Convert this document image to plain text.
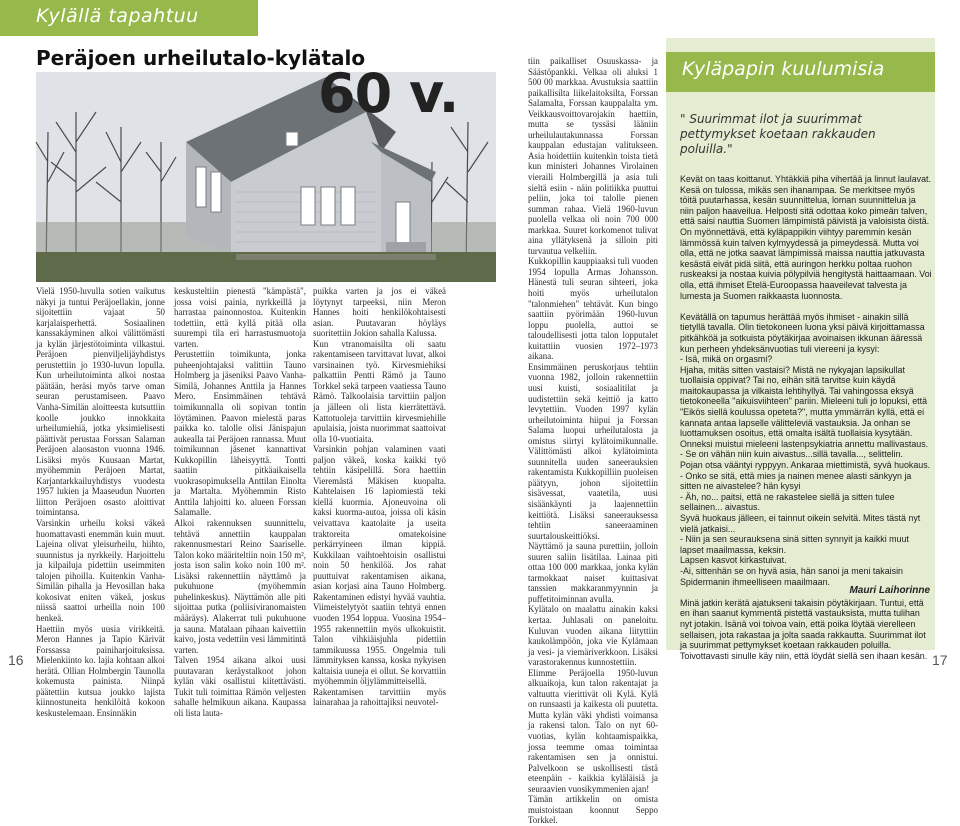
Kylällä tapahtuu
Peräjoen urheilutalo-kylätalo
60 v.
Vielä 1950-luvulla sotien vaikutus näkyi ja tuntui Peräjoellakin, jonne sijoitettiin vajaat 50 karjalaisperhettä. Sosiaalinen kanssakäyminen alkoi välittömästi ja kylän järjestötoiminta vilkastui. Peräjoen pienviljelijäyhdistys perustettiin jo 1930-luvun lopulla. Kun urheilutoiminta alkoi nostaa päätään, heräsi myös tarve oman seuran perustamiseen. Paavo Vanha-Similän aloitteesta kutsuttiin koolle joukko innokkaita urheilumiehiä, jotka yksimielisesti päättivät perustaa Forssan Salaman Peräjoen alaosaston vuonna 1946. Lisäksi myös Kuusaan Martat, myöhemmin Peräjoen Martat, Karjantarkkailuyhdistys vuodesta 1957 lukien ja Maaseudun Nuorten liitton Peräjoen osasto aloittivat toimintansa.
Varsinkin urheilu koksi väkeä huomattavasti enemmän kuin muut. Lajeina olivat yleisurheilu, hiihto, suunnistus ja nyrkkeily. Harjoittelu ja kilpailuja pidettiin useimmiten talojen pihoilla. Kuitenkin Vanha-Similän pihalla ja Hevosillan haka kokosivat eniten väkeä, joskus niissä saattoi urheilla noin 100 henkeä.
Haettiin myös uusia virikkeitä. Meron Hannes ja Tapio Kärivät Forssassa painiharjoituksissa. Mielenkiinto ko. lajia kohtaan alkoi herätä. Ollian Holmbergin Taunolla kokemusta painista. Niinpä päätettiin kutsua joukko lajista kiinnostuneita henkilöitä kokoon keskustelemaan. Ensinnäkin
keskusteltiin pienestä "kämpästä", jossa voisi painia, nyrkkeillä ja harrastaa painonnostoa. Kuitenkin todettiin, että kyllä pitää olla suurempi tila eri harrastusmuotoja varten.
Perustettiin toimikunta, jonka puheenjohtajaksi valittiin Tauno Holmberg ja jäseniksi Paavo Vanha-Similä, Johannes Anttila ja Hannes Mero. Ensimmäinen tehtävä toimikunnalla oli sopivan tontin löytäminen. Paavon mielestä paras paikka ko. talolle olisi Jänispajun aukealla tai Peräjoen rannassa. Muut toimikunnan jäsenet kannattivat Kukkopillin läheisyyttä. Tontti saatiin pitkäaikaisella vuokrasopimuksella Anttilan Einolta ja Martalta. Myöhemmin Risto Anttila lahjoitti ko. alueen Forssan Salamalle.
Alkoi rakennuksen suunnittelu, tehtävä annettiin kauppalan rakennusmestari Reino Saariselle. Talon koko määriteltiin noin 150 m², josta ison salin koko noin 100 m². Lisäksi rakennettiin näyttämö ja pukuhuone (myöhemmin puhelinkeskus). Näyttämön alle piti sijoittaa putka (poliisiviranomaisten määräys). Alakerrat tuli pukuhuone ja sauna. Matalaan pihaan kaivettiin kaivo, josta vedettiin vesi lämmitintä varten.
Talven 1954 aikana alkoi uusi puutavaran keräystalkoot johon kylän väki osallistui kiitettävästi. Tukit tuli toimittaa Rämön veljesten sahalle helmikuun aikana. Kaupassa oli lista lauta-
puikka varten ja jos ei väkeä löytynyt tarpeeksi, niin Meron Hannes hoiti henkilökohtaisesti asian. Puutavaran höyläys suoritettiin Jokion sahalla Kalussa.
Kun vtranomaisilta oli saatu rakentamiseen tarvittavat luvat, alkoi varsinainen työ. Kirvesmiehiksi palkattiin Pentti Rämö ja Tauno Torkkel sekä tarpeen vaatiessa Tauno Rämö. Talkoolaisia tarvittiin paljon ja jälleen oli lista kierrätettävä. Kattotuoleja tarvittiin kirvesmiehille apulaisia, joista nuorimmat saattoivat olla 10-vuotiaita.
Varsinkin pohjan valaminen vaati paljon väkeä, koska kaikki työ tehtiin käsipelillä. Sora haettiin Vieremästä Mäkisen kuopalta. Kahtelaisen 16 lapiomiestä teki kiellä kuormia. Ajoneuvoina oli kaksi kuorma-autoa, joissa oli käsin veivattava kaatolaite ja useita traktoreita omatekoisine perkärryineen ilman kippiä. Kukkilaan vaihtoehtoisin osallistui noin 50 henkilöä. Jos rahat puuttuivat rakentamisen aikana, asian korjasi aina Tauno Holmberg. Rakentaminen edistyi hyvää vauhtia. Viimeistelytyöt saatiin tehtyä ennen vuoden 1954 loppua. Vuosina 1954–1955 rakennettiin myös ulkokuistit. Talon vihkiäisjuhla pidettiin tammikuussa 1955. Ongelmia tuli lämmityksen kanssa, koska nykyisen kaltaisia uuneja ei ollut. Se korvattiin myöhemmin öljylämmitteisellä.
Rakentamisen tarvittiin myös lainarahaa ja rahoittajiksi neuvotel-
tiin paikalliset Osuuskassa- ja Säästöpankki. Velkaa oli aluksi 1 500 00 markkaa. Avustuksia saattiin paikallisilta liikelaitoksilta, Forssan Salamalta, Forssan kauppalalta ym. Veikkausvoittovarojakin haettiin, mutta se tyssäsi lääniin urheilulautakunnassa Forssan kauppalan edustajan valitukseen. Asia hoidettiin kuitenkin toista tietä kun ministeri Johannes Virolainen vieraili Holmbergillä ja asia tuli sieltä esiin - näin politiikka puuttui peliin, joka toi talolle pienen summan rahaa. Vielä 1960-luvun puolella velkaa oli noin 700 000 markkaa. Suuret korkomenot tulivat aina yllätyksenä ja silloin piti turvautua velkeliin.
Kukkopillin kauppiaaksi tuli vuoden 1954 lopulla Armas Johansson. Hänestä tuli seuran sihteeri, joka hoiti myös urheilutalon "talonmiehen" tehtävät. Kun bingo saattiin pyörimään 1960-luvun loppu puolella, auttoi se taloudellisesti jotta talon lopputalet kuitattiin vuosien 1972–1973 aikana.
Ensimmäinen peruskorjaus tehtiin vuonna 1982, jolloin rakennettiin uusi kuisti, sosiaalitilat ja uudistettiin sekä keittiö ja katto levytettiin. Vuoden 1997 kylän urheilutoiminta hiipui ja Forssan Salama luopui urheilutalosta ja omistus siirtyi kylätoimikunnalle. Välittömästi alkoi kylätoiminta suunnitella uuden saneerauksien rakentamista Kukkopilliin puoleisen päätyyn, johon sijoitettiin sisävessat, vaatetila, uusi sisäänkäynti ja laajennettiin keittiötä. Lisäksi saneerauksessa tehtiin saneeraaminen suurtalouskeittiöksi.
Näyttämö ja sauna purettiin, jolloin suuren saliin lisätilaa. Lainaa piti ottaa 100 000 markkaa, jonka kylän tarmokkaat naiset kuittasivat tanssien makkaranmyynnin ja puffetitoiminnan avulla.
Kylätalo on maalattu ainakin kaksi kertaa. Juhlasali on paneloitu. Kuluvan vuoden aikana liityttiin kaukolämpöön, joka vie Kylämaan ja vesi- ja viemäriverkkoon. Lisäksi varastorakennus kunnostettiin.
Elimme Peräjoella 1950-luvun alkuaikoja, kun talon rakentajat ja valtuutta vierittivät oli Kylä. Kylä on runsaasti ja kaikesta oli puutetta. Mutta kylän väki yhdisti voimansa ja rakensi talon. Talo on nyt 60-vuotias, kylän kohtaamispaikka, jossa teemme omaa toimintaa rakentamisen sen ja onnistui. Palvelkoon se uskollisesti tästä eteenpäin - kaikkia kyläläisiä ja seuraavien vuosikymmenien ajan!
Tämän artikkelin on omista muistoistaan koonnut Seppo Torkkel.
16
Kyläpapin kuulumisia
" Suurimmat ilot ja suurimmat pettymykset koetaan rakkauden poluilla."

Kevät on taas koittanut. Yhtäkkiä piha vihertää ja linnut laulavat. Kesä on tulossa, mikäs sen ihanampaa. Se merkitsee myös töitä puutarhassa, kesän suunnittelua, loman suunnittelua ja niin paljon haaveilua. Helposti sitä odottaa koko pimeän talven, että saisi nauttia Suomen lämpimistä päivistä ja valoisista öistä. On myönnettävä, että kyläpappikin viihtyy paremmin kesän lämmössä kuin talven kylmyydessä ja pimeydessä. Mutta voi olla, että ne jotka saavat lämpimissä maissa nauttia jatkuvasta kesästä eivät pidä siitä, että auringon herkku poltaa ruohon ruskeaksi ja nostaa kuivia pölypilviä hengitystä haittaamaan. Voi olla, että ihmiset Etelä-Euroopassa haaveilevat talvesta ja lumesta ja Suomen raikkaasta luonnosta.

Kevätällä on tapumus herättää myös ihmiset - ainakin sillä tietyllä tavalla. Olin tietokoneen luona yksi päivä kirjoittamassa pitkähköä ja sotkuista pöytäkirjaa avoinaisen ikkunan ääressä kun perheen yhdeksänvuotias tuli viereeni ja kysyi:
- Isä, mikä on orgasmi?
Hjaha, mitäs sitten vastaisi? Mistä ne nykyajan lapsikullat tuollaisia oppivat? Tai no, eihän sitä tarvitse kuin käydä maitokaupassa ja vilkaista lehtihyllyä. Tai vahingossa eksyä tietokoneella "aikuisviihteen" pariin. Mieleeni tuli jo lopuksi, että "Eikös siellä koulussa opeteta?", mutta ymmärrän kyllä, että ei kannata antaa lapselle välitteleviä vastauksia. Ja onhan se luottamuksen osoitus, että omalta isältä tuollaisia kysytään. Onneksi muistui mieleeni lastenpsykiatria annettu mallivastaus.
- Se on vähän niin kuin aivastus...sillä tavalla..., selittelin.
Pojan otsa vääntyi ryppyyn. Ankaraa miettimistä, syvä huokaus.
- Onko se sitä, että mies ja nainen menee alasti sänkyyn ja sitten ne aivastelee? hän kysyi
- Äh, no... paitsi, että ne rakastelee siellä ja sitten tulee sellainen... aivastus.
Syvä huokaus jälleen, ei tainnut oikein selvitä. Mites tästä nyt vielä jatkaisi...
- Niin ja sen seurauksena sinä sitten synnyit ja kaikki muut lapset maailmassa, keksin.
Lapsen kasvot kirkastuivat.
-Ai, sittenhän se on hyvä asia, hän sanoi ja meni takaisin Spidermanin ihmeelliseen maailmaan.

Minä jatkin kerätä ajatukseni takaisin pöytäkirjaan. Tuntui, että en ihan saanut kymmentä pistettä vastauksista, mutta tulihan nyt jotakin. Isänä voi toivoa vain, että poika löytää vierelleen sellaisen, jota rakastaa ja jolta saada rakkautta. Suurimmat ilot ja suurimmat pettymykset koetaan rakkauden poluilla. Toivottavasti sinulle käy niin, että löydät siellä sen ihaan kesän.

Mauri Laihorinne
17
